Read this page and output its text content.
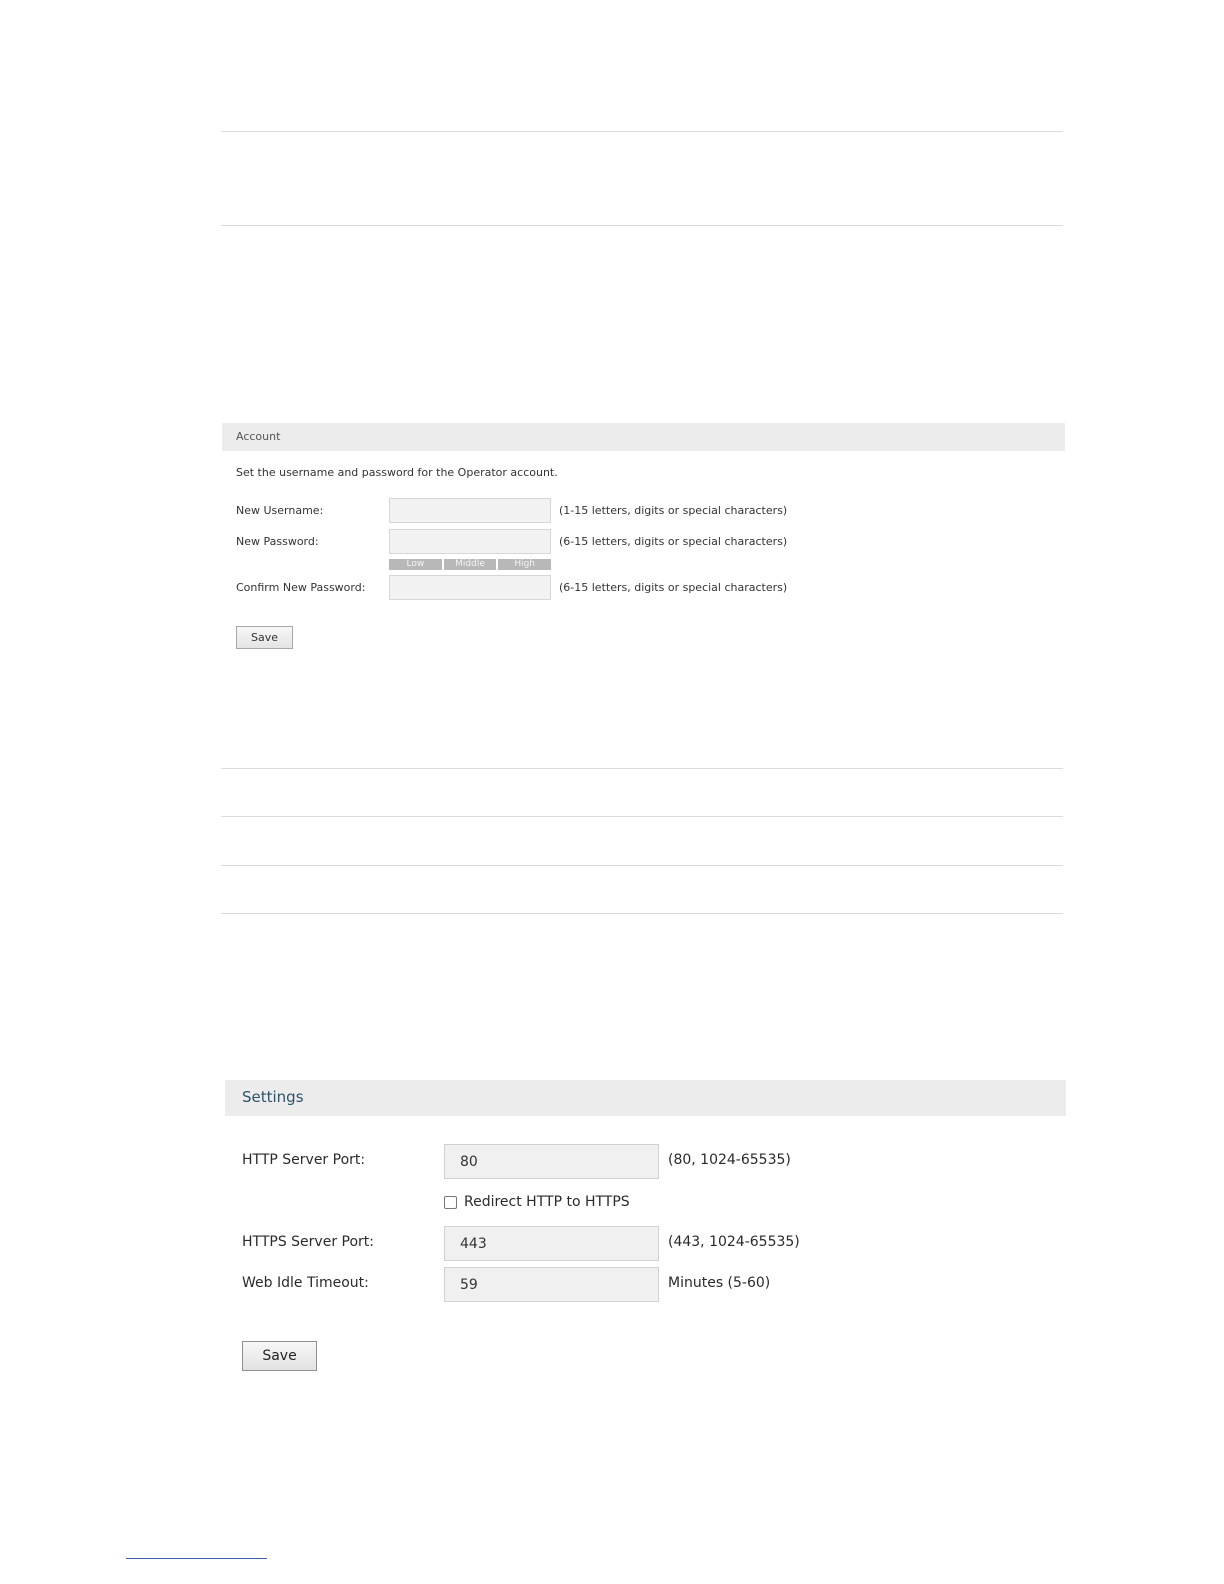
Account
Set the username and password for the Operator account.
New Username:	(1-15 letters, digits or special characters)
New Password:	(6-15 letters, digits or special characters)
Low	Middle	High
Confirm New Password:	(6-15 letters, digits or special characters)
Save
Settings
HTTP Server Port:
80	(80, 1024-65535)
Redirect HTTP to HTTPS
HTTPS Server Port:
443	(443, 1024-65535)
Web Idle Timeout:
59	Minutes (5-60)
Save
